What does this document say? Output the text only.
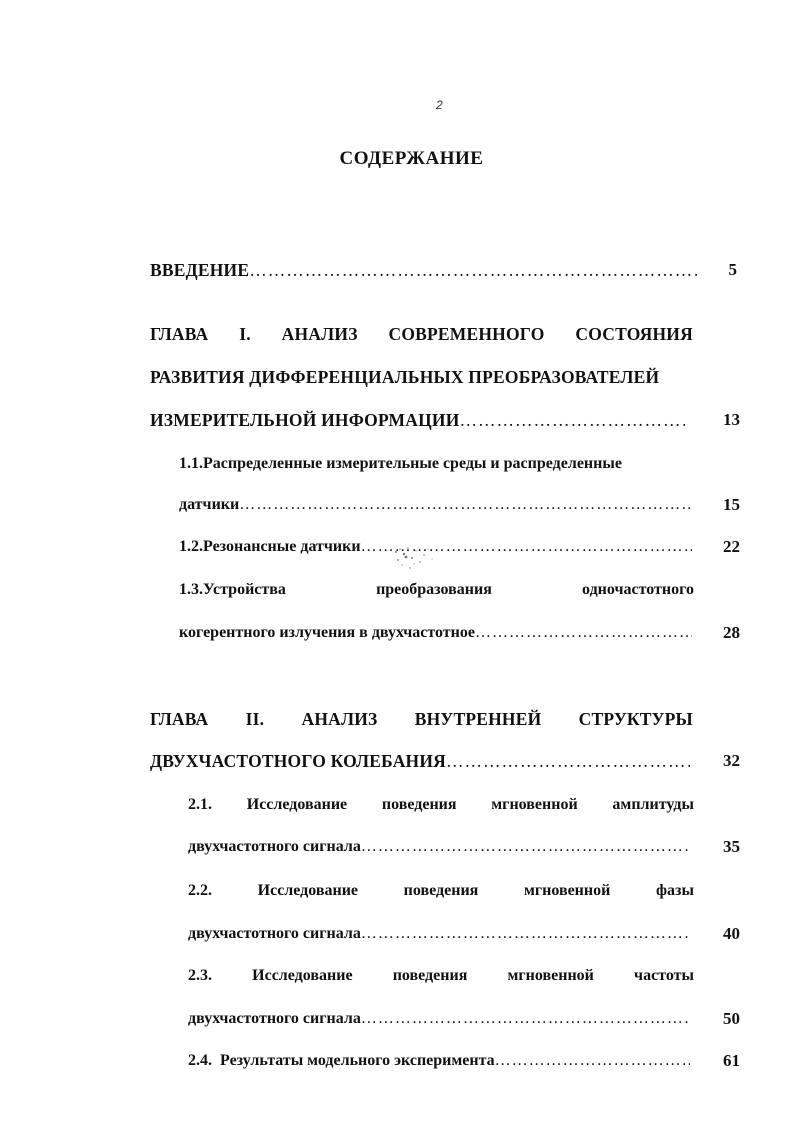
2
СОДЕРЖАНИЕ
ВВЕДЕНИЕ ………………………………………………………………………………………………………………………………………………	5
ГЛАВА I. АНАЛИЗ СОВРЕМЕННОГО СОСТОЯНИЯ
РАЗВИТИЯ ДИФФЕРЕНЦИАЛЬНЫХ ПРЕОБРАЗОВАТЕЛЕЙ
ИЗМЕРИТЕЛЬНОЙ ИНФОРМАЦИИ ………………………………………………………………………………………………………………………………………………	13
1.1.Распределенные измерительные среды и распределенные
датчики ………………………………………………………………………………………………………………………………………………	15
1.2.Резонансные датчики ………………………………………………………………………………………………………………………………………………	22
1.3.Устройства	преобразования	одночастотного
когерентного излучения в двухчастотное ………………………………………………………………………………………………………………………………………………	28
ГЛАВА II. АНАЛИЗ ВНУТРЕННЕЙ СТРУКТУРЫ
ДВУХЧАСТОТНОГО КОЛЕБАНИЯ ………………………………………………………………………………………………………………………………………………	32
2.1. Исследование поведения мгновенной амплитуды
двухчастотного сигнала ………………………………………………………………………………………………………………………………………………	35
2.2.	Исследование	поведения	мгновенной	фазы
двухчастотного сигнала ………………………………………………………………………………………………………………………………………………	40
2.3.	Исследование	поведения	мгновенной	частоты
двухчастотного сигнала ………………………………………………………………………………………………………………………………………………	50
2.4.  Результаты модельного эксперимента ………………………………………………………………………………………………………………………………………………	61
